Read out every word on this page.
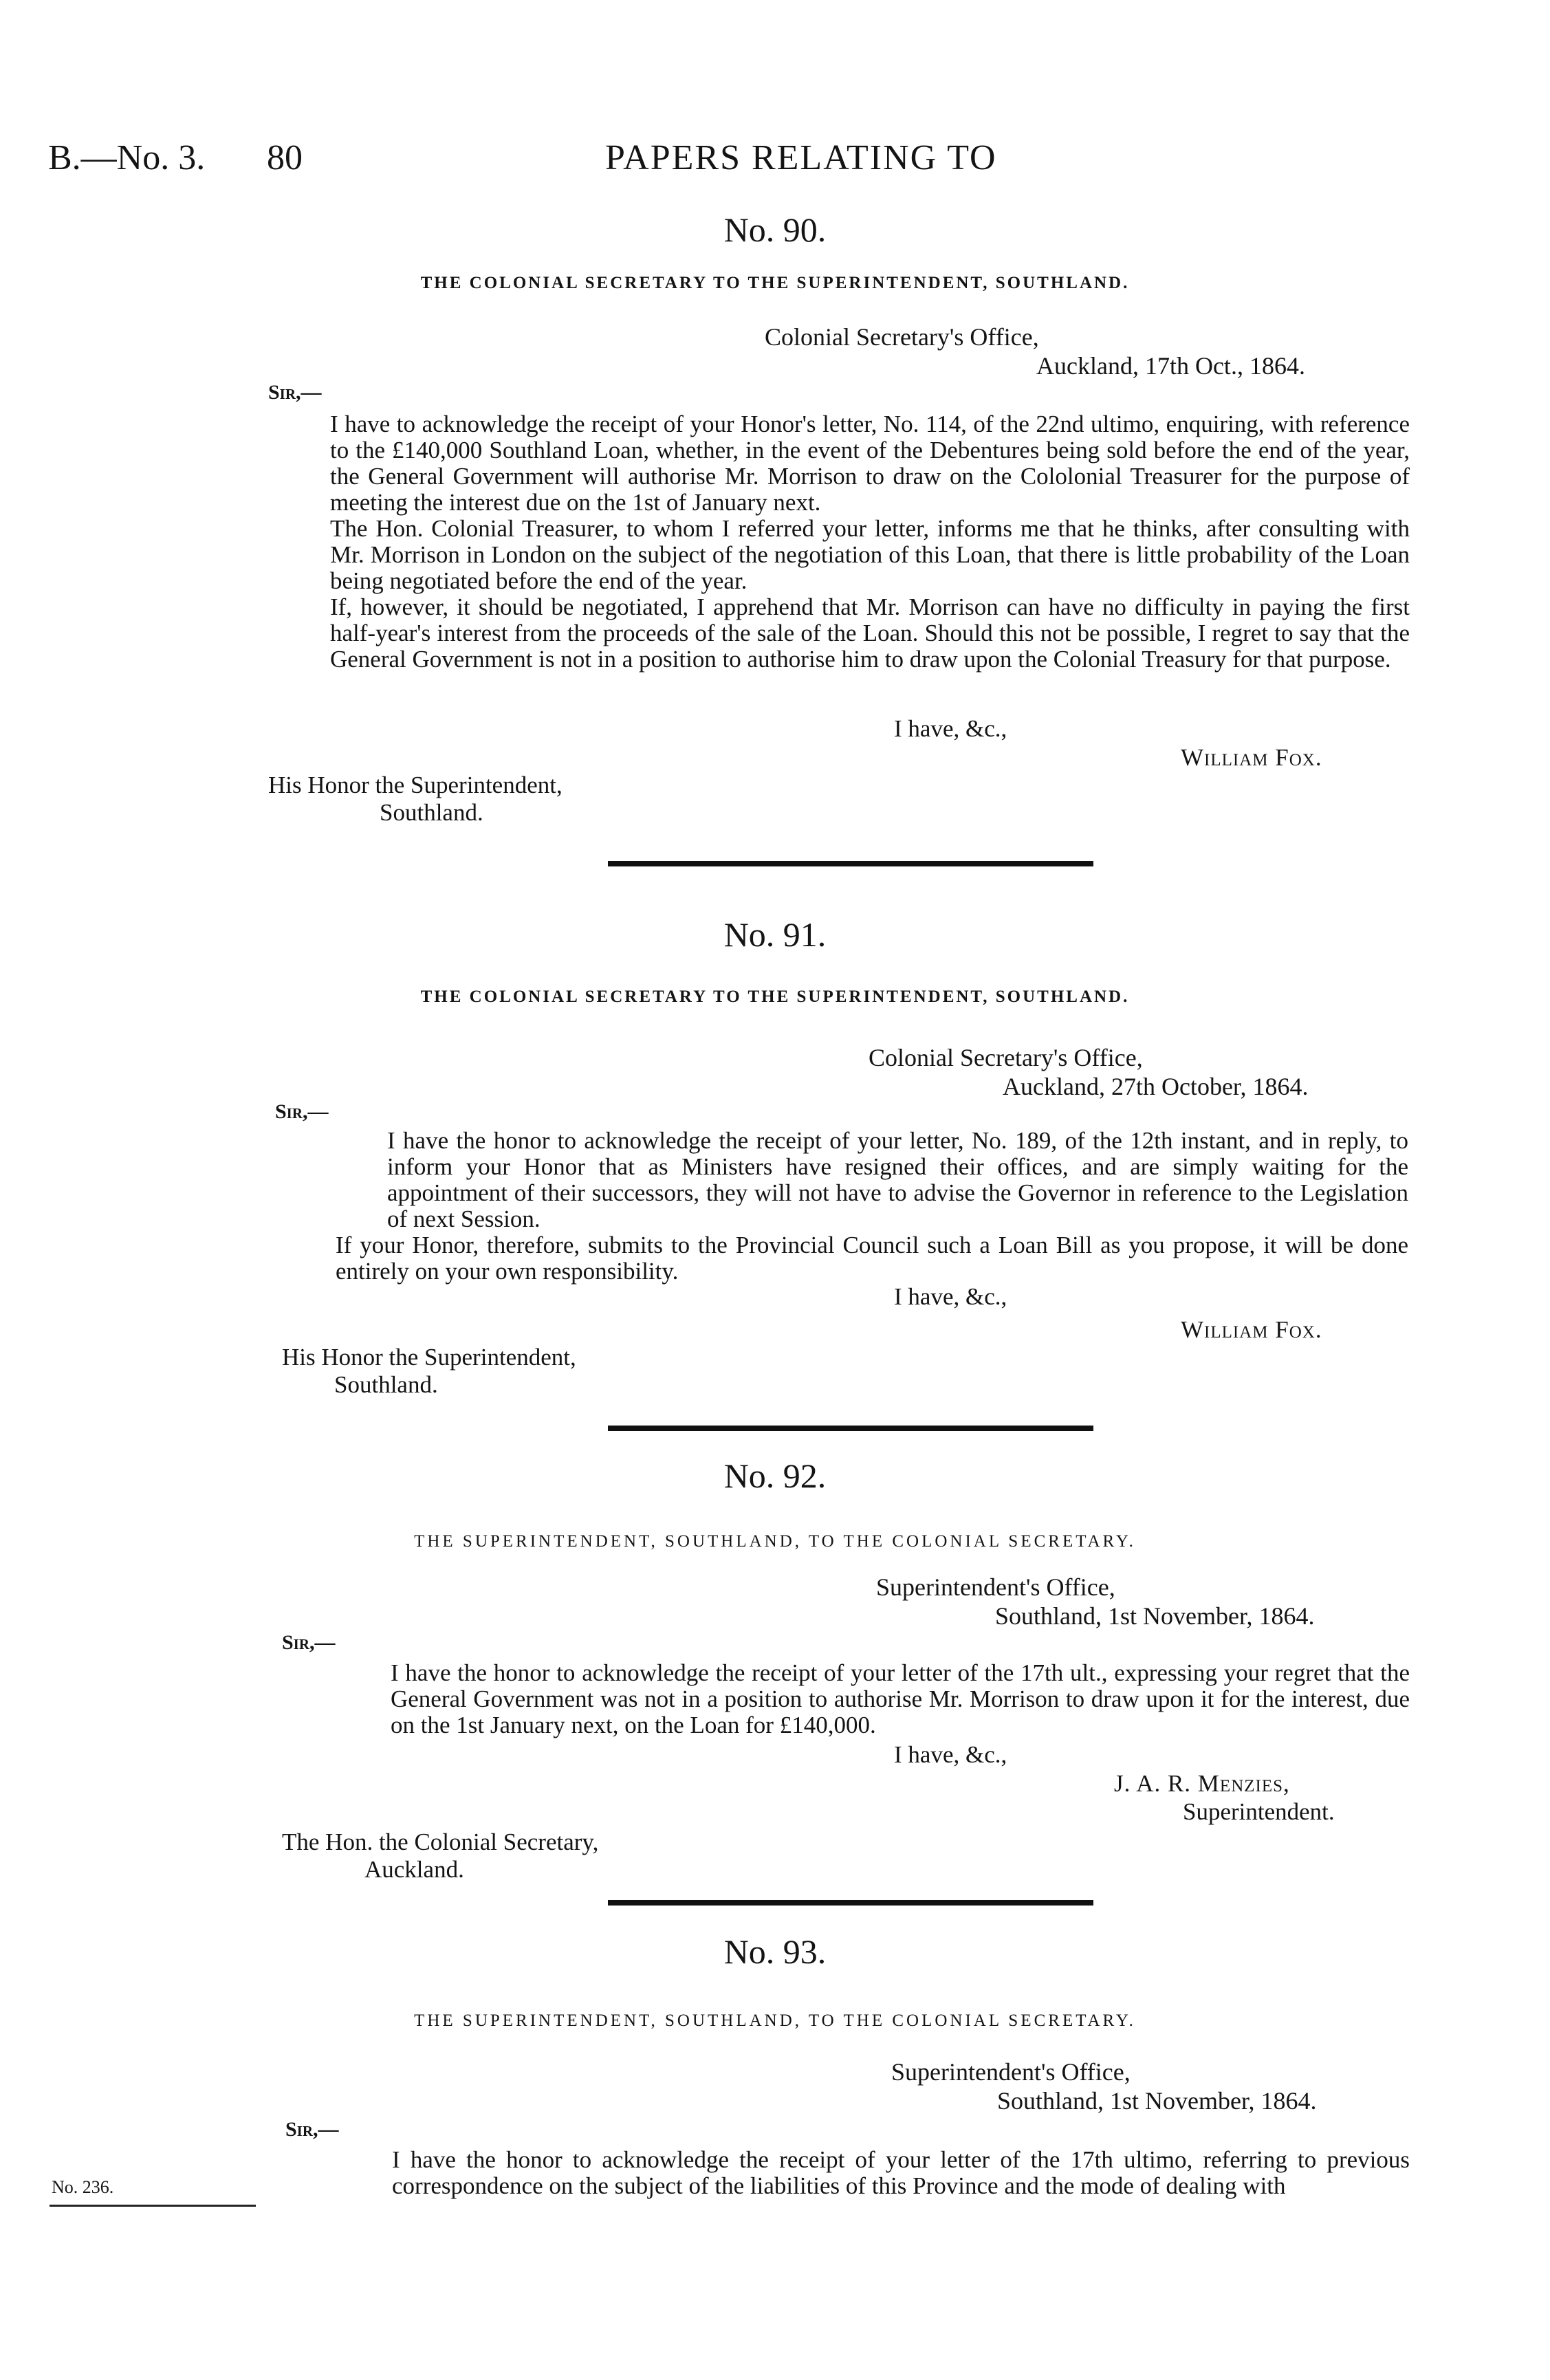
B.—No. 3. 80	PAPERS RELATING TO
No. 90.
THE COLONIAL SECRETARY TO THE SUPERINTENDENT, SOUTHLAND.
Colonial Secretary's Office,
Auckland, 17th Oct., 1864.
Sir,—
I have to acknowledge the receipt of your Honor's letter, No. 114, of the 22nd ultimo, enquiring, with reference to the £140,000 Southland Loan, whether, in the event of the Debentures being sold before the end of the year, the General Government will authorise Mr. Morrison to draw on the Cololonial Treasurer for the purpose of meeting the interest due on the 1st of January next.
The Hon. Colonial Treasurer, to whom I referred your letter, informs me that he thinks, after consulting with Mr. Morrison in London on the subject of the negotiation of this Loan, that there is little probability of the Loan being negotiated before the end of the year.
If, however, it should be negotiated, I apprehend that Mr. Morrison can have no difficulty in paying the first half-year's interest from the proceeds of the sale of the Loan. Should this not be possible, I regret to say that the General Government is not in a position to authorise him to draw upon the Colonial Treasury for that purpose.
I have, &c.,
William Fox.
His Honor the Superintendent,
Southland.
No. 91.
THE COLONIAL SECRETARY TO THE SUPERINTENDENT, SOUTHLAND.
Colonial Secretary's Office,
Auckland, 27th October, 1864.
Sir,—
I have the honor to acknowledge the receipt of your letter, No. 189, of the 12th instant, and in reply, to inform your Honor that as Ministers have resigned their offices, and are simply waiting for the appointment of their successors, they will not have to advise the Governor in reference to the Legislation of next Session.
If your Honor, therefore, submits to the Provincial Council such a Loan Bill as you propose, it will be done entirely on your own responsibility.
I have, &c.,
William Fox.
His Honor the Superintendent,
Southland.
No. 92.
THE SUPERINTENDENT, SOUTHLAND, TO THE COLONIAL SECRETARY.
Superintendent's Office,
Southland, 1st November, 1864.
Sir,—
I have the honor to acknowledge the receipt of your letter of the 17th ult., expressing your regret that the General Government was not in a position to authorise Mr. Morrison to draw upon it for the interest, due on the 1st January next, on the Loan for £140,000.
I have, &c.,
J. A. R. Menzies,
Superintendent.
The Hon. the Colonial Secretary,
Auckland.
No. 93.
THE SUPERINTENDENT, SOUTHLAND, TO THE COLONIAL SECRETARY.
Superintendent's Office,
Southland, 1st November, 1864.
Sir,—
I have the honor to acknowledge the receipt of your letter of the 17th ultimo, referring to previous correspondence on the subject of the liabilities of this Province and the mode of dealing with
No. 236.
